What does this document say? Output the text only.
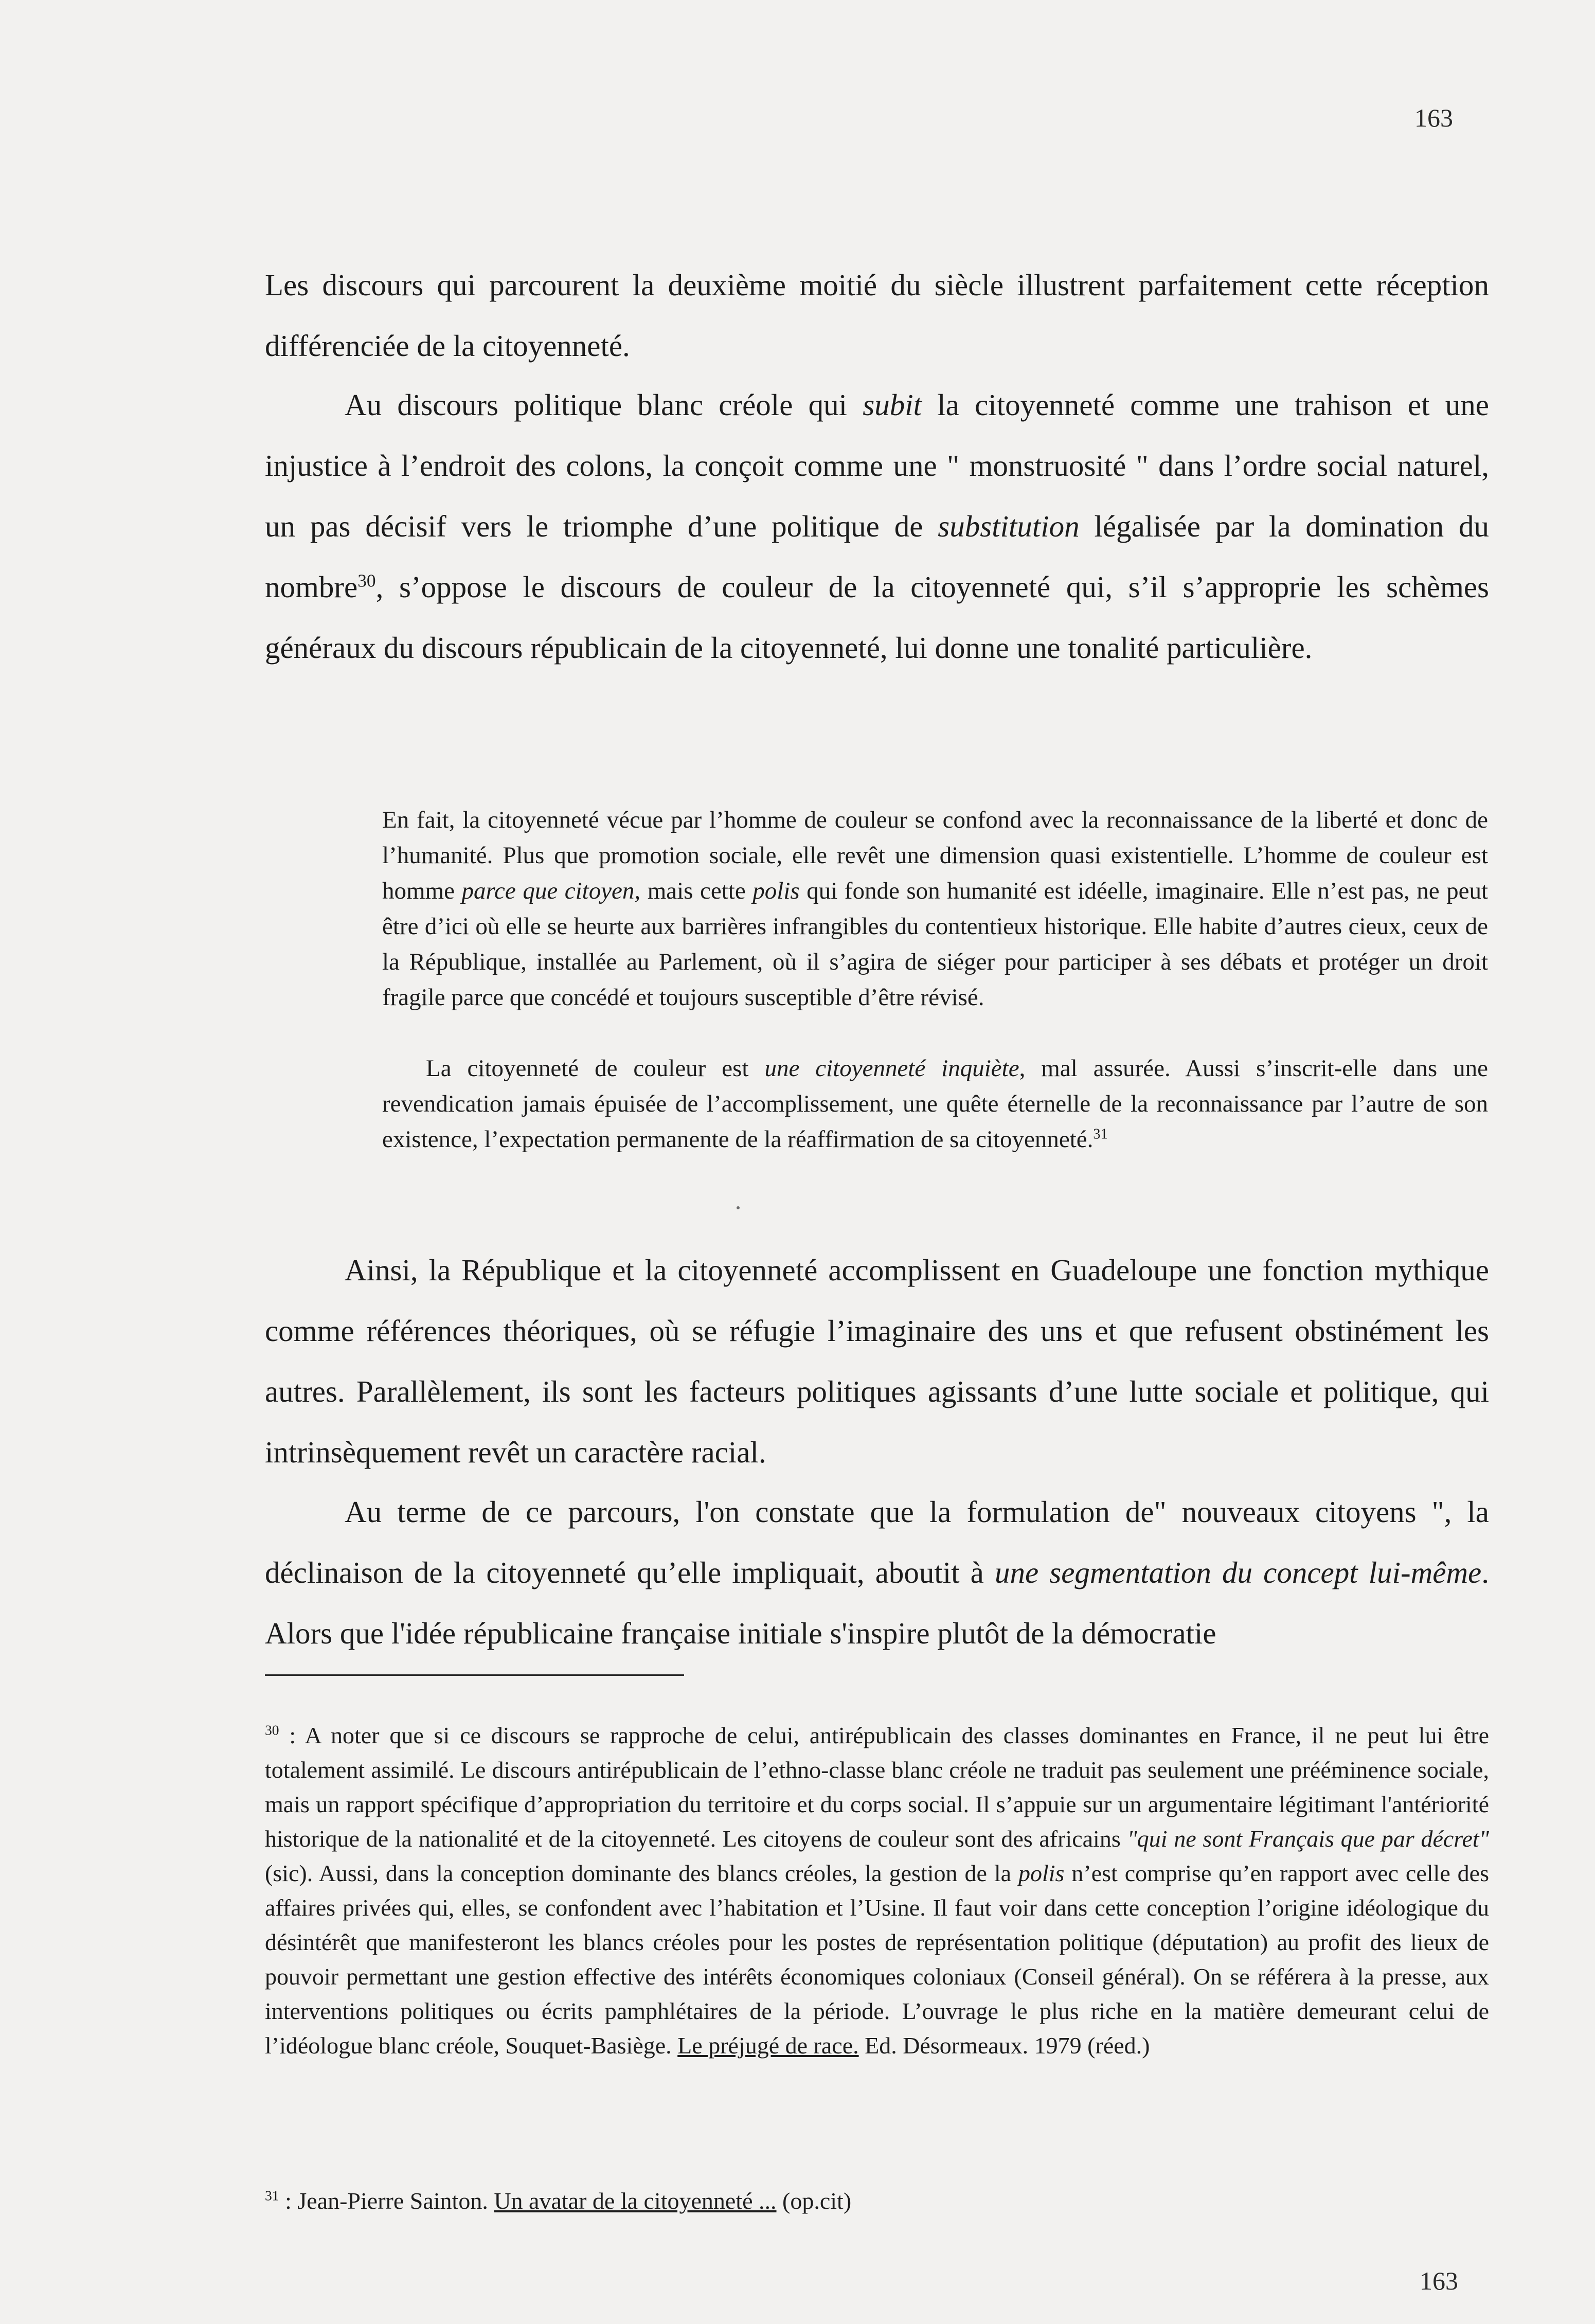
163

Les discours qui parcourent la deuxième moitié du siècle illustrent parfaitement cette réception différenciée de la citoyenneté.

Au discours politique blanc créole qui subit la citoyenneté comme une trahison et une injustice à l’endroit des colons, la conçoit comme une " monstruosité " dans l’ordre social naturel, un pas décisif vers le triomphe d’une politique de substitution légalisée par la domination du nombre$^{30}$, s’oppose le discours de couleur de la citoyenneté qui, s’il s’approprie les schèmes généraux du discours républicain de la citoyenneté, lui donne une tonalité particulière.

En fait, la citoyenneté vécue par l’homme de couleur se confond avec la reconnaissance de la liberté et donc de l’humanité. Plus que promotion sociale, elle revêt une dimension quasi existentielle. L’homme de couleur est homme parce que citoyen, mais cette polis qui fonde son humanité est idéelle, imaginaire. Elle n’est pas, ne peut être d’ici où elle se heurte aux barrières infrangibles du contentieux historique. Elle habite d’autres cieux, ceux de la République, installée au Parlement, où il s’agira de siéger pour participer à ses débats et protéger un droit fragile parce que concédé et toujours susceptible d’être révisé.

La citoyenneté de couleur est une citoyenneté inquiète, mal assurée. Aussi s’inscrit-elle dans une revendication jamais épuisée de l’accomplissement, une quête éternelle de la reconnaissance par l’autre de son existence, l’expectation permanente de la réaffirmation de sa citoyenneté.$^{31}$

Ainsi, la République et la citoyenneté accomplissent en Guadeloupe une fonction mythique comme références théoriques, où se réfugie l’imaginaire des uns et que refusent obstinément les autres. Parallèlement, ils sont les facteurs politiques agissants d’une lutte sociale et politique, qui intrinsèquement revêt un caractère racial.

Au terme de ce parcours, l'on constate que la formulation de" nouveaux citoyens ", la déclinaison de la citoyenneté qu’elle impliquait, aboutit à une segmentation du concept lui-même. Alors que l'idée républicaine française initiale s'inspire plutôt de la démocratie

$^{30}$ : A noter que si ce discours se rapproche de celui, antirépublicain des classes dominantes en France, il ne peut lui être totalement assimilé. Le discours antirépublicain de l’ethno-classe blanc créole ne traduit pas seulement une prééminence sociale, mais un rapport spécifique d’appropriation du territoire et du corps social. Il s’appuie sur un argumentaire légitimant l'antériorité historique de la nationalité et de la citoyenneté. Les citoyens de couleur sont des africains "qui ne sont Français que par décret" (sic). Aussi, dans la conception dominante des blancs créoles, la gestion de la polis n’est comprise qu’en rapport avec celle des affaires privées qui, elles, se confondent avec l’habitation et l’Usine. Il faut voir dans cette conception l’origine idéologique du désintérêt que manifesteront les blancs créoles pour les postes de représentation politique (députation) au profit des lieux de pouvoir permettant une gestion effective des intérêts économiques coloniaux (Conseil général). On se référera à la presse, aux interventions politiques ou écrits pamphlétaires de la période. L’ouvrage le plus riche en la matière demeurant celui de l’idéologue blanc créole, Souquet-Basiège. Le préjugé de race. Ed. Désormeaux. 1979 (réed.)

$^{31}$ : Jean-Pierre Sainton. Un avatar de la citoyenneté ... (op.cit)

163
